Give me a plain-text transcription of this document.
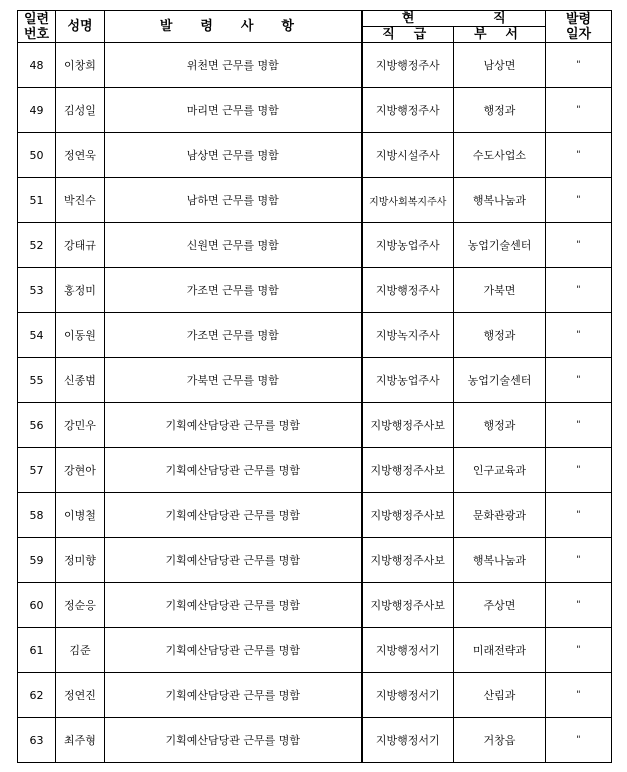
일련
번호	성명	발 령 사 항	현 직		발령
일자
			직 급	부 서	
48	이창희	위천면 근무를 명함	지방행정주사	남상면	"
49	김성일	마리면 근무를 명함	지방행정주사	행정과	"
50	정연욱	남상면 근무를 명함	지방시설주사	수도사업소	"
51	박진수	남하면 근무를 명함	지방사회복지주사	행복나눔과	"
52	강태규	신원면 근무를 명함	지방농업주사	농업기술센터	"
53	홍정미	가조면 근무를 명함	지방행정주사	가북면	"
54	이동원	가조면 근무를 명함	지방녹지주사	행정과	"
55	신종범	가북면 근무를 명함	지방농업주사	농업기술센터	"
56	강민우	기획예산담당관 근무를 명함	지방행정주사보	행정과	"
57	강현아	기획예산담당관 근무를 명함	지방행정주사보	인구교육과	"
58	이병철	기획예산담당관 근무를 명함	지방행정주사보	문화관광과	"
59	정미향	기획예산담당관 근무를 명함	지방행정주사보	행복나눔과	"
60	정순응	기획예산담당관 근무를 명함	지방행정주사보	주상면	"
61	김준	기획예산담당관 근무를 명함	지방행정서기	미래전략과	"
62	정연진	기획예산담당관 근무를 명함	지방행정서기	산림과	"
63	최주형	기획예산담당관 근무를 명함	지방행정서기	거창읍	"
